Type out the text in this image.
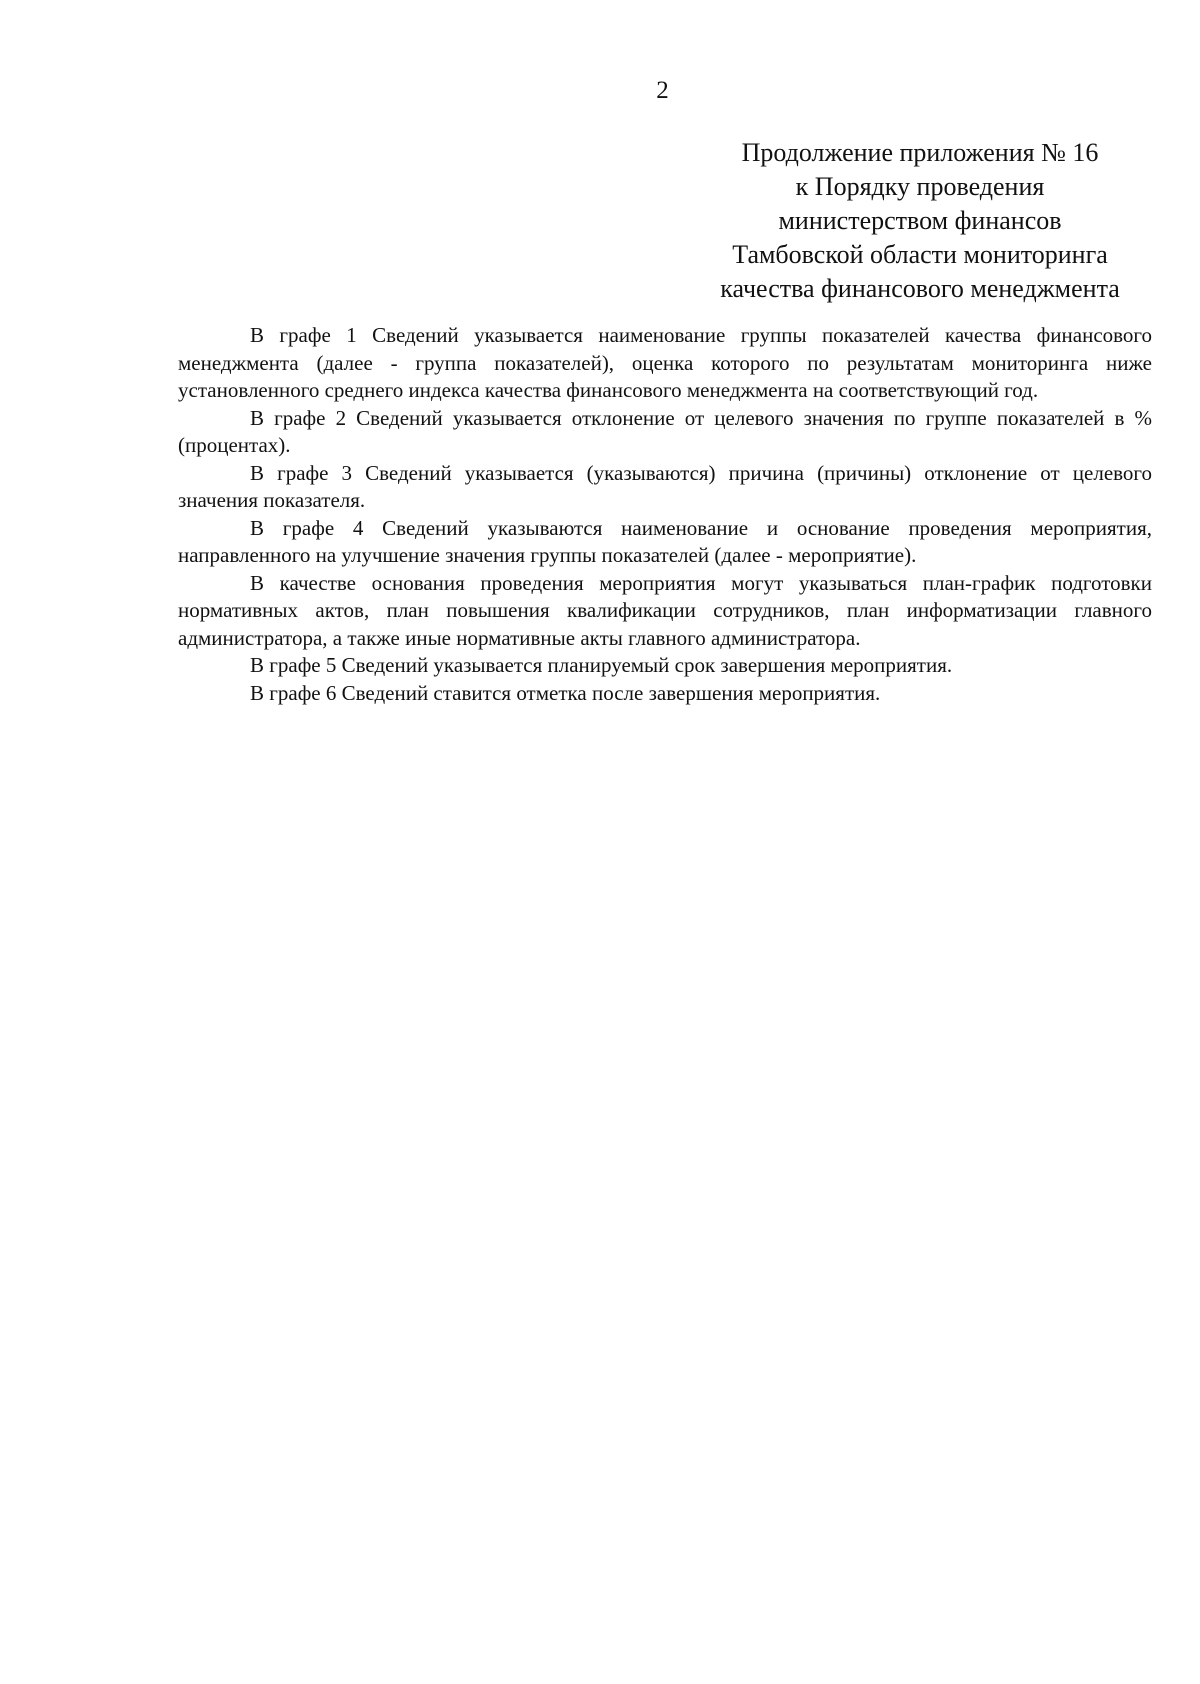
2
Продолжение приложения № 16
к Порядку проведения
министерством финансов
Тамбовской области мониторинга
качества финансового менеджмента

В графе 1 Сведений указывается наименование группы показателей качества финансового менеджмента (далее - группа показателей), оценка которого по результатам мониторинга ниже установленного среднего индекса качества финансового менеджмента на соответствующий год.

В графе 2 Сведений указывается отклонение от целевого значения по группе показателей в % (процентах).

В графе 3 Сведений указывается (указываются) причина (причины) отклонение от целевого значения показателя.

В графе 4 Сведений указываются наименование и основание проведения мероприятия, направленного на улучшение значения группы показателей (далее - мероприятие).

В качестве основания проведения мероприятия могут указываться план-график подготовки нормативных актов, план повышения квалификации сотрудников, план информатизации главного администратора, а также иные нормативные акты главного администратора.

В графе 5 Сведений указывается планируемый срок завершения мероприятия.

В графе 6 Сведений ставится отметка после завершения мероприятия.
